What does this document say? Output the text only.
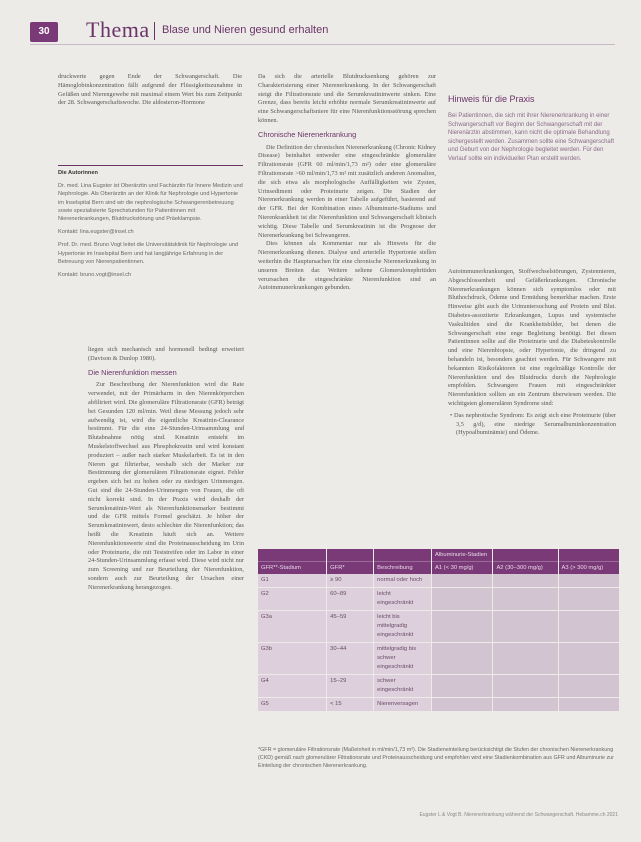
30	Thema Blase und Nieren gesund erhalten

druckwerte gegen Ende der Schwangerschaft. Die Hämoglobinkonzentration fällt aufgrund der Flüssigkeitszunahme in Gefäßen und Nierengewebe mit maximal einem Wert bis zum Zeitpunkt der 28. Schwangerschaftswoche. Die aldosteron-Hormone

Die Autorinnen

Dr. med. Lina Eugster ist Oberärztin und Fachärztin für Innere Medizin und Nephrologie. Als Oberärztin an der Klinik für Nephrologie und Hypertonie im Inselspital Bern sind wir die nephrologische Schwangerenbetreuung sowie spezialisierte Sprechstunden für Patientinnen mit Nierenerkrankungen, Blutdruckstörung und Präeklampsie.

Kontakt: lina.eugster@insel.ch

Prof. Dr. med. Bruno Vogt leitet die Universitätsklinik für Nephrologie und Hypertonie im Inselspital Bern und hat langjährige Erfahrung in der Betreuung von Nierenpatientinnen.

Kontakt: bruno.vogt@insel.ch

liegen sich mechanisch und hormonell bedingt erweitert (Davison & Dunlop 1980).

Die Nierenfunktion messen

Zur Beschreibung der Nierenfunktion wird die Rate verwendet, mit der Primärharm in den Nierenkörperchen abfiltriert wird. Die glomeruläre Filtrationsrate (GFR) beträgt bei Gesunden 120 ml/min. Weil diese Messung jedoch sehr aufwendig ist, wird die eigentliche Kreatinin-Clearance bestimmt. Für die eine 24-Stunden-Urinsammlung und Blutabnahme nötig sind. Kreatinin entsteht im Muskelstoffwechsel aus Phosphokreatin und wird konstant produziert – außer nach starker Muskelarbeit. Es ist in den Nieren gut filtrierbar, weshalb sich der Marker zur Bestimmung der glomerulären Filtrationsrate eignet. Fehler ergeben sich bei zu hohen oder zu niedrigen Urinmengen. Gut sind die 24-Stunden-Urinmengen von Frauen, die oft nicht korrekt sind. In der Praxis wird deshalb der Serumkreatinin-Wert als Nierenfunktionsmarker bestimmt und die GFR mittels Formel geschätzt. Je höher der Serumkreatininwert, desto schlechter die Nierenfunktion; das heißt die Kreatinin häuft sich an. Weitere Nierenfunktionswerte sind die Proteinausscheidung im Urin oder Proteinurie, die mit Teststreifen oder im Labor in einer 24-Stunden-Urinsammlung erfasst wird. Diese wird nicht nur zum Screening und zur Beurteilung der Nierenfunktion, sondern auch zur Beurteilung der Ursachen einer Nierenerkrankung herangezogen.

Da sich die arterielle Blutdrucksenkung gehören zur Charakterisierung einer Nierenerkrankung. In der Schwangerschaft steigt die Filtrationsrate und die Serumkreatininwerte sinken. Eine Grenze, dass bereits leicht erhöhte normale Serumkreatininwerte auf eine Schwangerschaftsniere für eine Nierenfunktionsstörung sprechen können.

Chronische Nierenerkrankung

Die Definition der chronischen Nierenerkrankung (Chronic Kidney Disease) beinhaltet entweder eine eingeschränkte glomeruläre Filtrationsrate (GFR 60 ml/min/1,73 m²) oder eine glomeruläre Filtrationsrate >60 ml/min/1,73 m² mit zusätzlich anderen Anomalien, die sich etwa als morphologische Auffälligkeiten wie Zysten, Urinsediment oder Proteinurie zeigen. Die Stadien der Nierenerkrankung werden in einer Tabelle aufgeführt, basierend auf der GFR. Bei der Kombination eines Albuminurie-Stadiums und Nierenkrankheit ist die Nierenfunktion und Schwangerschaft klinisch wichtig. Diese Tabelle und Serumkreatinin ist die Prognose der Nierenerkrankung bei Schwangeren.

Dies können als Kommentar nur als Hinweis für die Nierenerkrankung dienen. Dialyse und arterielle Hypertonie stellen weiterhin die Hauptursachen für eine chronische Nierenerkrankung in unseren Breiten dar. Weitere seltene Glomerulonephritiden verursachen die eingeschränkte Nierenfunktion sind an Autoimmunerkrankungen gebunden.

Hinweis für die Praxis

Bei Patientinnen, die sich mit ihrer Nierenerkrankung in einer Schwangerschaft vor Beginn der Schwangerschaft mit der Nierenärztin abstimmen, kann nicht die optimale Behandlung sichergestellt werden. Zusammen sollte eine Schwangerschaft und Geburt von der Nephrologie begleitet werden. Für den Verlauf sollte ein individueller Plan erstellt werden.

Autoimmunerkrankungen, Stoffwechselstörungen, Zystennieren, Abgeschlossenheit und Gefäßerkrankungen. Chronische Nierenerkrankungen können sich symptomlos oder mit Bluthochdruck, Ödeme und Ermüdung bemerkbar machen. Erste Hinweise gibt auch die Urinuntersuchung auf Protein und Blut. Diabetes-assoziierte Erkrankungen, Lupus und systemische Vaskulitiden sind die Krankheitsbilder, bei denen die Schwangerschaft eine enge Begleitung benötigt. Bei diesen Patientinnen sollte auf die Proteinurie und die Diabeteskontrolle und eine Nierenbiopsie, oder Hypertonie, die dringend zu behandeln ist, besonders geachtet werden. Für Schwangere mit bekannten Risikofaktoren ist eine regelmäßige Kontrolle der Nierenfunktion und des Blutdrucks durch die Nephrologie empfohlen. Schwangere Frauen mit eingeschränkter Nierenfunktion sollten an ein Zentrum überwiesen werden. Die wichtigsten glomerulären Syndrome sind:

• Das nephrotische Syndrom: Es zeigt sich eine Proteinurie (über 3,5 g/d), eine niedrige Serumalbuminkonzentration (Hypoalbuminämie) und Ödeme.

			Albuminurie-Stadien		
GFR**-Stadium	GFR*	Beschreibung	A1 (< 30 mg/g)	A2 (30–300 mg/g)	A3 (> 300 mg/g)
G1	≥ 90	normal oder hoch			
G2	60–89	leicht eingeschränkt			
G3a	45–59	leicht bis mittelgradig eingeschränkt			
G3b	30–44	mittelgradig bis schwer eingeschränkt			
G4	15–29	schwer eingeschränkt			
G5	< 15	Nierenversagen			
*GFR = glomeruläre Filtrationsrate (Maßeinheit in ml/min/1,73 m²). Die Stadieneinteilung berücksichtigt die Stufen der chronischen Nierenerkrankung (CKD) gemäß nach glomerulärer Filtrationsrate und Proteinausscheidung und empfohlen wird eine Stadienkombination aus GFR und Albuminurie zur Einteilung der chronischen Nierenerkrankung.
Eugster L & Vogt B. Nierenerkrankung während der Schwangerschaft. Hebamme.ch 2021
